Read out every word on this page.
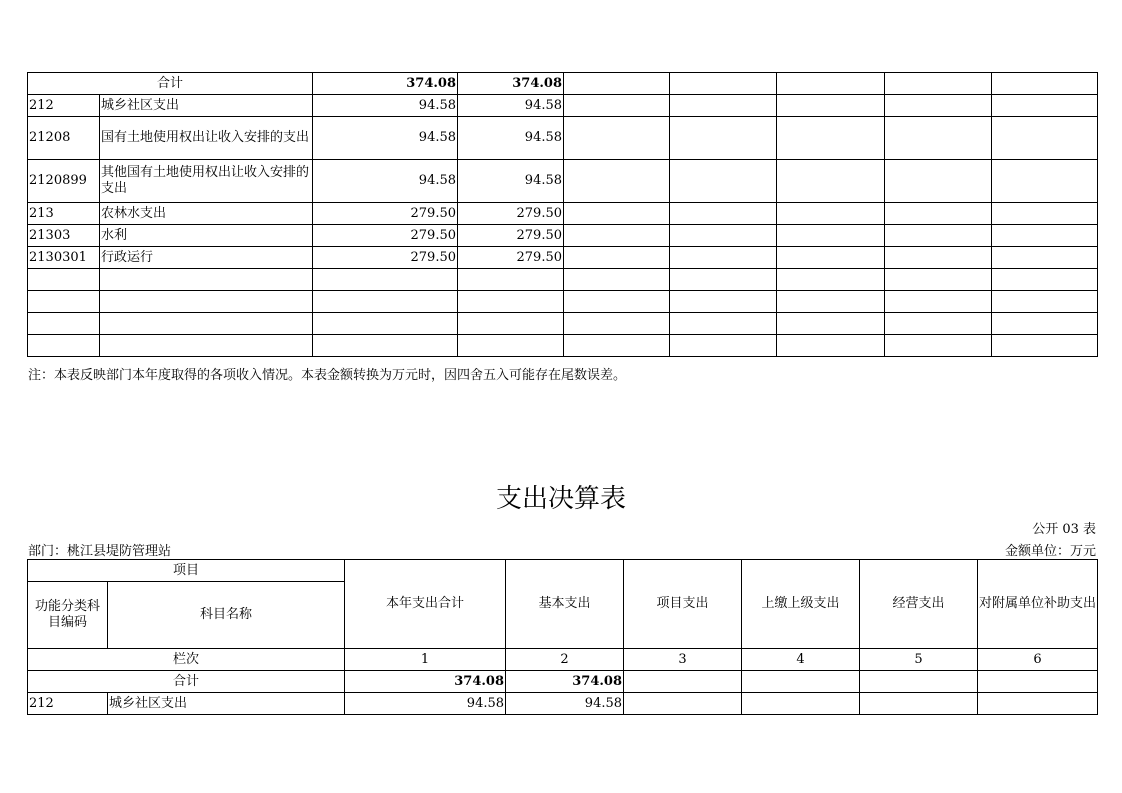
合计		374.08	374.08					
212	城乡社区支出	94.58	94.58					
21208	国有土地使用权出让收入安排的支出	94.58	94.58					
2120899	其他国有土地使用权出让收入安排的支出	94.58	94.58					
213	农林水支出	279.50	279.50					
21303	水利	279.50	279.50					
2130301	行政运行	279.50	279.50					

注：本表反映部门本年度取得的各项收入情况。本表金额转换为万元时，因四舍五入可能存在尾数误差。
支出决算表
公开 03 表
部门：桃江县堤防管理站	金额单位：万元
项目		本年支出合计	基本支出	项目支出	上缴上级支出	经营支出	对附属单位补助支出
功能分类科目编码	科目名称						
栏次		1	2	3	4	5	6
合计		374.08	374.08				
212	城乡社区支出	94.58	94.58				
